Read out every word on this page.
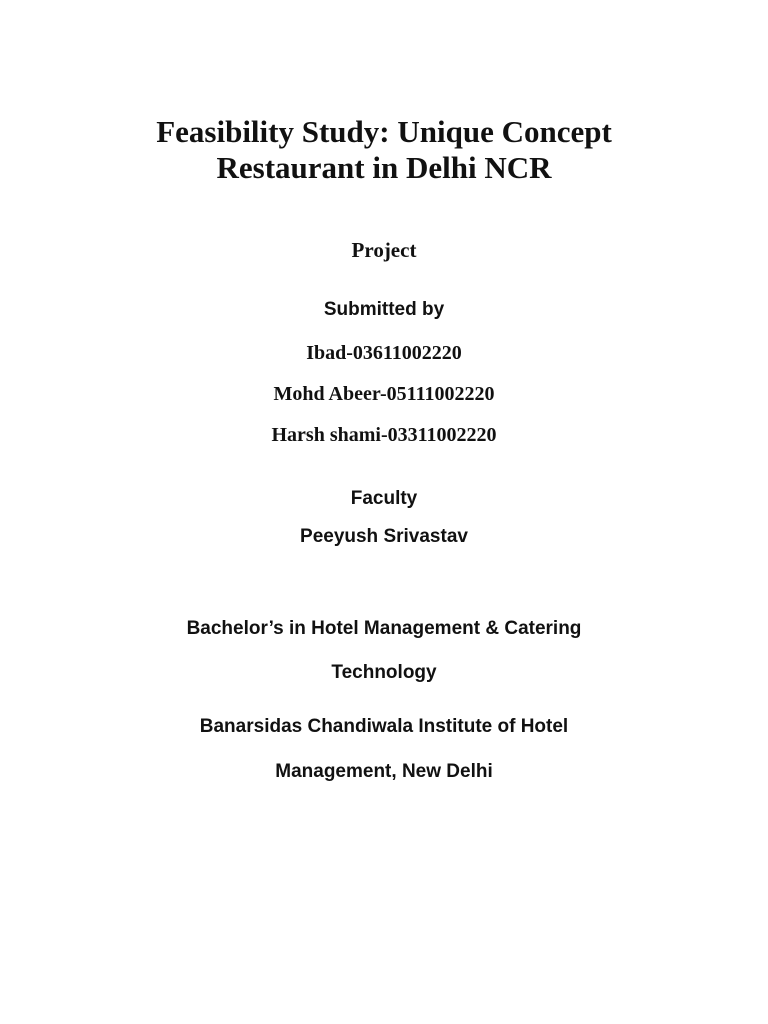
Feasibility Study: Unique Concept
Restaurant in Delhi NCR
Project
Submitted by
Ibad-03611002220
Mohd Abeer-05111002220
Harsh shami-03311002220
Faculty
Peeyush Srivastav
Bachelor’s in Hotel Management & Catering
Technology
Banarsidas Chandiwala Institute of Hotel
Management, New Delhi
